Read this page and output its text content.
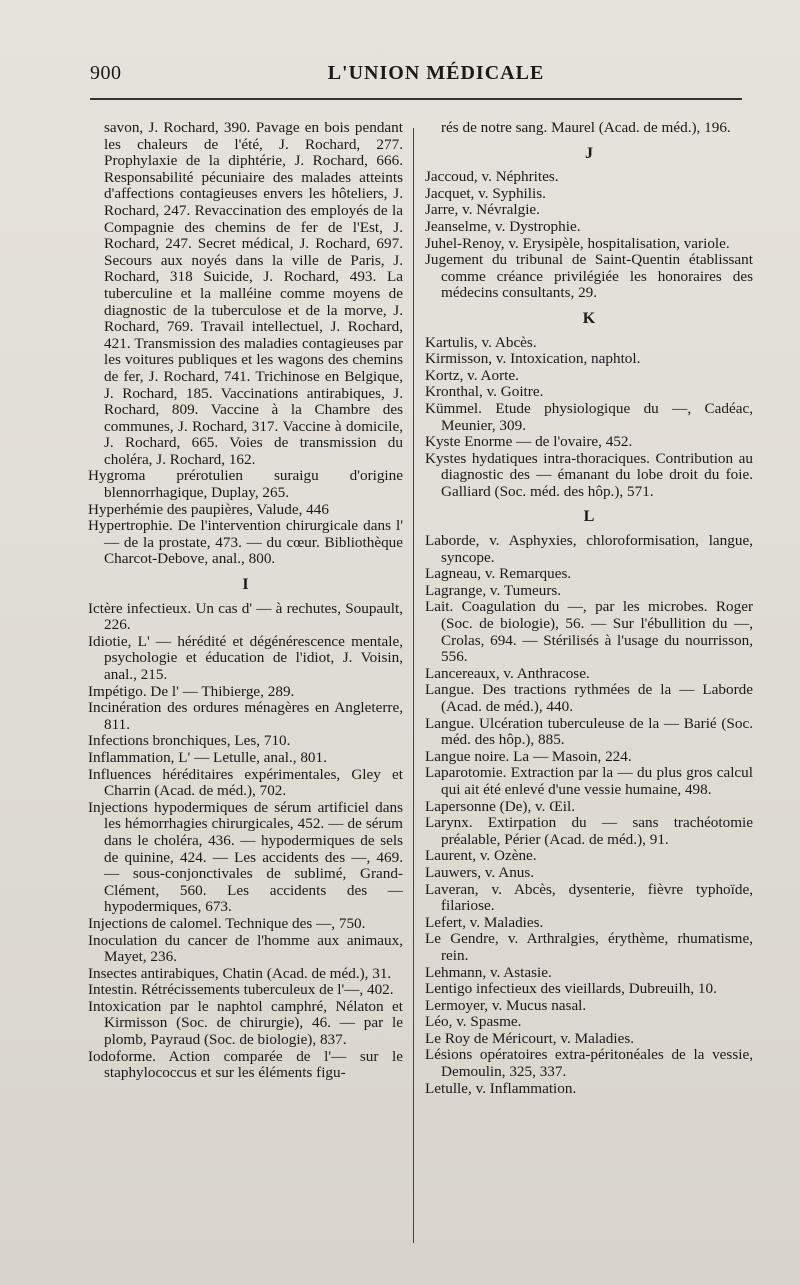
900	L'UNION MÉDICALE

savon, J. Rochard, 390. Pavage en bois pendant les chaleurs de l'été, J. Rochard, 277. Prophylaxie de la diphtérie, J. Rochard, 666. Responsabilité pécuniaire des malades atteints d'affections contagieuses envers les hôteliers, J. Rochard, 247. Revaccination des employés de la Compagnie des chemins de fer de l'Est, J. Rochard, 247. Secret médical, J. Rochard, 697. Secours aux noyés dans la ville de Paris, J. Rochard, 318 Suicide, J. Rochard, 493. La tuberculine et la malléine comme moyens de diagnostic de la tuberculose et de la morve, J. Rochard, 769. Travail intellectuel, J. Rochard, 421. Transmission des maladies contagieuses par les voitures publiques et les wagons des chemins de fer, J. Rochard, 741. Trichinose en Belgique, J. Rochard, 185. Vaccinations antirabiques, J. Rochard, 809. Vaccine à la Chambre des communes, J. Rochard, 317. Vaccine à domicile, J. Rochard, 665. Voies de transmission du choléra, J. Rochard, 162.

Hygroma prérotulien suraigu d'origine blennorrhagique, Duplay, 265.

Hyperhémie des paupières, Valude, 446

Hypertrophie. De l'intervention chirurgicale dans l' — de la prostate, 473. — du cœur. Bibliothèque Charcot-Debove, anal., 800.

I

Ictère infectieux. Un cas d' — à rechutes, Soupault, 226.

Idiotie, L' — hérédité et dégénérescence mentale, psychologie et éducation de l'idiot, J. Voisin, anal., 215.

Impétigo. De l' — Thibierge, 289.

Incinération des ordures ménagères en Angleterre, 811.

Infections bronchiques, Les, 710.

Inflammation, L' — Letulle, anal., 801.

Influences héréditaires expérimentales, Gley et Charrin (Acad. de méd.), 702.

Injections hypodermiques de sérum artificiel dans les hémorrhagies chirurgicales, 452. — de sérum dans le choléra, 436. — hypodermiques de sels de quinine, 424. — Les accidents des —, 469. — sous-conjonctivales de sublimé, Grand-Clément, 560. Les accidents des — hypodermiques, 673.

Injections de calomel. Technique des —, 750.

Inoculation du cancer de l'homme aux animaux, Mayet, 236.

Insectes antirabiques, Chatin (Acad. de méd.), 31.

Intestin. Rétrécissements tuberculeux de l'—, 402.

Intoxication par le naphtol camphré, Nélaton et Kirmisson (Soc. de chirurgie), 46. — par le plomb, Payraud (Soc. de biologie), 837.

Iodoforme. Action comparée de l'— sur le staphylococcus et sur les éléments figu-

rés de notre sang. Maurel (Acad. de méd.), 196.

J

Jaccoud, v. Néphrites.

Jacquet, v. Syphilis.

Jarre, v. Névralgie.

Jeanselme, v. Dystrophie.

Juhel-Renoy, v. Erysipèle, hospitalisation, variole.

Jugement du tribunal de Saint-Quentin établissant comme créance privilégiée les honoraires des médecins consultants, 29.

K

Kartulis, v. Abcès.

Kirmisson, v. Intoxication, naphtol.

Kortz, v. Aorte.

Kronthal, v. Goitre.

Kümmel. Etude physiologique du —, Cadéac, Meunier, 309.

Kyste Enorme — de l'ovaire, 452.

Kystes hydatiques intra-thoraciques. Contribution au diagnostic des — émanant du lobe droit du foie. Galliard (Soc. méd. des hôp.), 571.

L

Laborde, v. Asphyxies, chloroformisation, langue, syncope.

Lagneau, v. Remarques.

Lagrange, v. Tumeurs.

Lait. Coagulation du —, par les microbes. Roger (Soc. de biologie), 56. — Sur l'ébullition du —, Crolas, 694. — Stérilisés à l'usage du nourrisson, 556.

Lancereaux, v. Anthracose.

Langue. Des tractions rythmées de la — Laborde (Acad. de méd.), 440.

Langue. Ulcération tuberculeuse de la — Barié (Soc. méd. des hôp.), 885.

Langue noire. La — Masoin, 224.

Laparotomie. Extraction par la — du plus gros calcul qui ait été enlevé d'une vessie humaine, 498.

Lapersonne (De), v. Œil.

Larynx. Extirpation du — sans trachéotomie préalable, Périer (Acad. de méd.), 91.

Laurent, v. Ozène.

Lauwers, v. Anus.

Laveran, v. Abcès, dysenterie, fièvre typhoïde, filariose.

Lefert, v. Maladies.

Le Gendre, v. Arthralgies, érythème, rhumatisme, rein.

Lehmann, v. Astasie.

Lentigo infectieux des vieillards, Dubreuilh, 10.

Lermoyer, v. Mucus nasal.

Léo, v. Spasme.

Le Roy de Méricourt, v. Maladies.

Lésions opératoires extra-péritonéales de la vessie, Demoulin, 325, 337.

Letulle, v. Inflammation.
